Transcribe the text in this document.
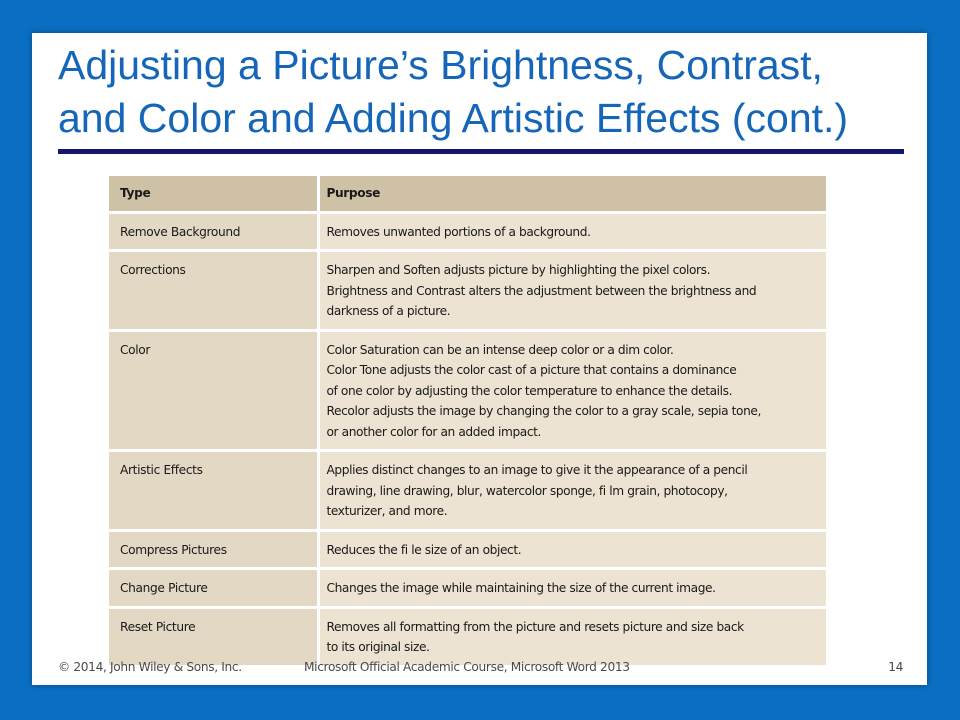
Adjusting a Picture’s Brightness, Contrast,
and Color and Adding Artistic Effects (cont.)
Type	Purpose
Remove Background	Removes unwanted portions of a background.

Corrections	Sharpen and Soften adjusts picture by highlighting the pixel colors.
Brightness and Contrast alters the adjustment between the brightness and
darkness of a picture.

Color	Color Saturation can be an intense deep color or a dim color.
Color Tone adjusts the color cast of a picture that contains a dominance
of one color by adjusting the color temperature to enhance the details.
Recolor adjusts the image by changing the color to a gray scale, sepia tone,
or another color for an added impact.

Artistic Effects	Applies distinct changes to an image to give it the appearance of a pencil
drawing, line drawing, blur, watercolor sponge, fi lm grain, photocopy,
texturizer, and more.

Compress Pictures	Reduces the fi le size of an object.

Change Picture	Changes the image while maintaining the size of the current image.

Reset Picture	Removes all formatting from the picture and resets picture and size back
to its original size.
© 2014, John Wiley & Sons, Inc.	Microsoft Official Academic Course, Microsoft Word 2013	14
